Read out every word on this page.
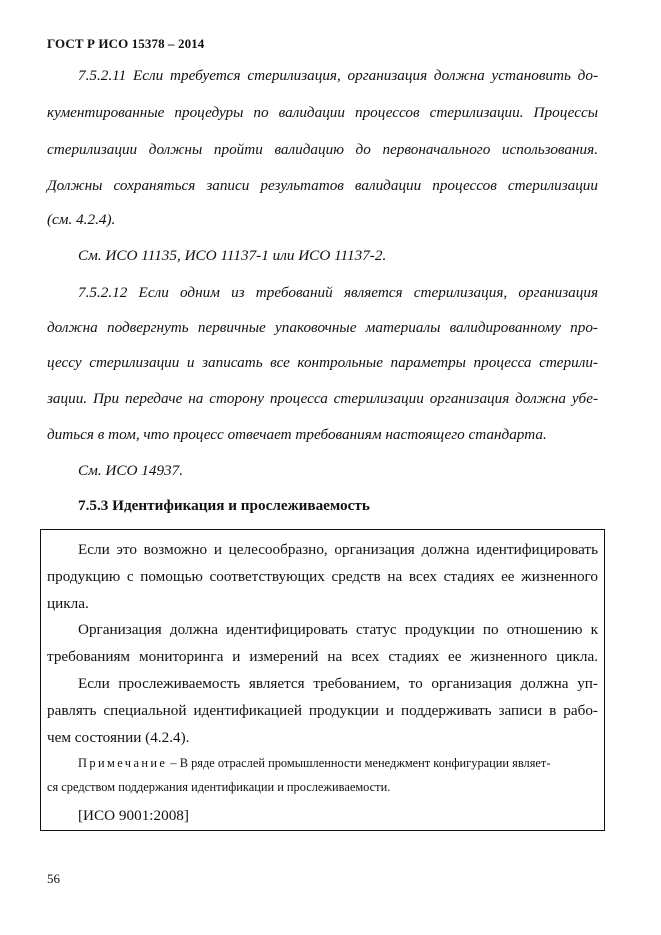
ГОСТ Р ИСО 15378 – 2014
7.5.2.11 Если требуется стерилизация, организация должна установить до-
кументированные процедуры по валидации процессов стерилизации. Процессы
стерилизации должны пройти валидацию до первоначального использования.
Должны сохраняться записи результатов валидации процессов стерилизации
(см. 4.2.4).
См. ИСО 11135, ИСО 11137-1 или ИСО 11137-2.
7.5.2.12 Если одним из требований является стерилизация, организация
должна подвергнуть первичные упаковочные материалы валидированному про-
цессу стерилизации и записать все контрольные параметры процесса стерили-
зации. При передаче на сторону процесса стерилизации организация должна убе-
диться в том, что процесс отвечает требованиям настоящего стандарта.
См. ИСО 14937.
7.5.3 Идентификация и прослеживаемость
Если это возможно и целесообразно, организация должна идентифицировать
продукцию с помощью соответствующих средств на всех стадиях ее жизненного
цикла.
Организация должна идентифицировать статус продукции по отношению к
требованиям мониторинга и измерений на всех стадиях ее жизненного цикла.
Если прослеживаемость является требованием, то организация должна уп-
равлять специальной идентификацией продукции и поддерживать записи в рабо-
чем состоянии (4.2.4).
Примечание – В ряде отраслей промышленности менеджмент конфигурации являет-
ся средством поддержания идентификации и прослеживаемости.
[ИСО 9001:2008]
56
